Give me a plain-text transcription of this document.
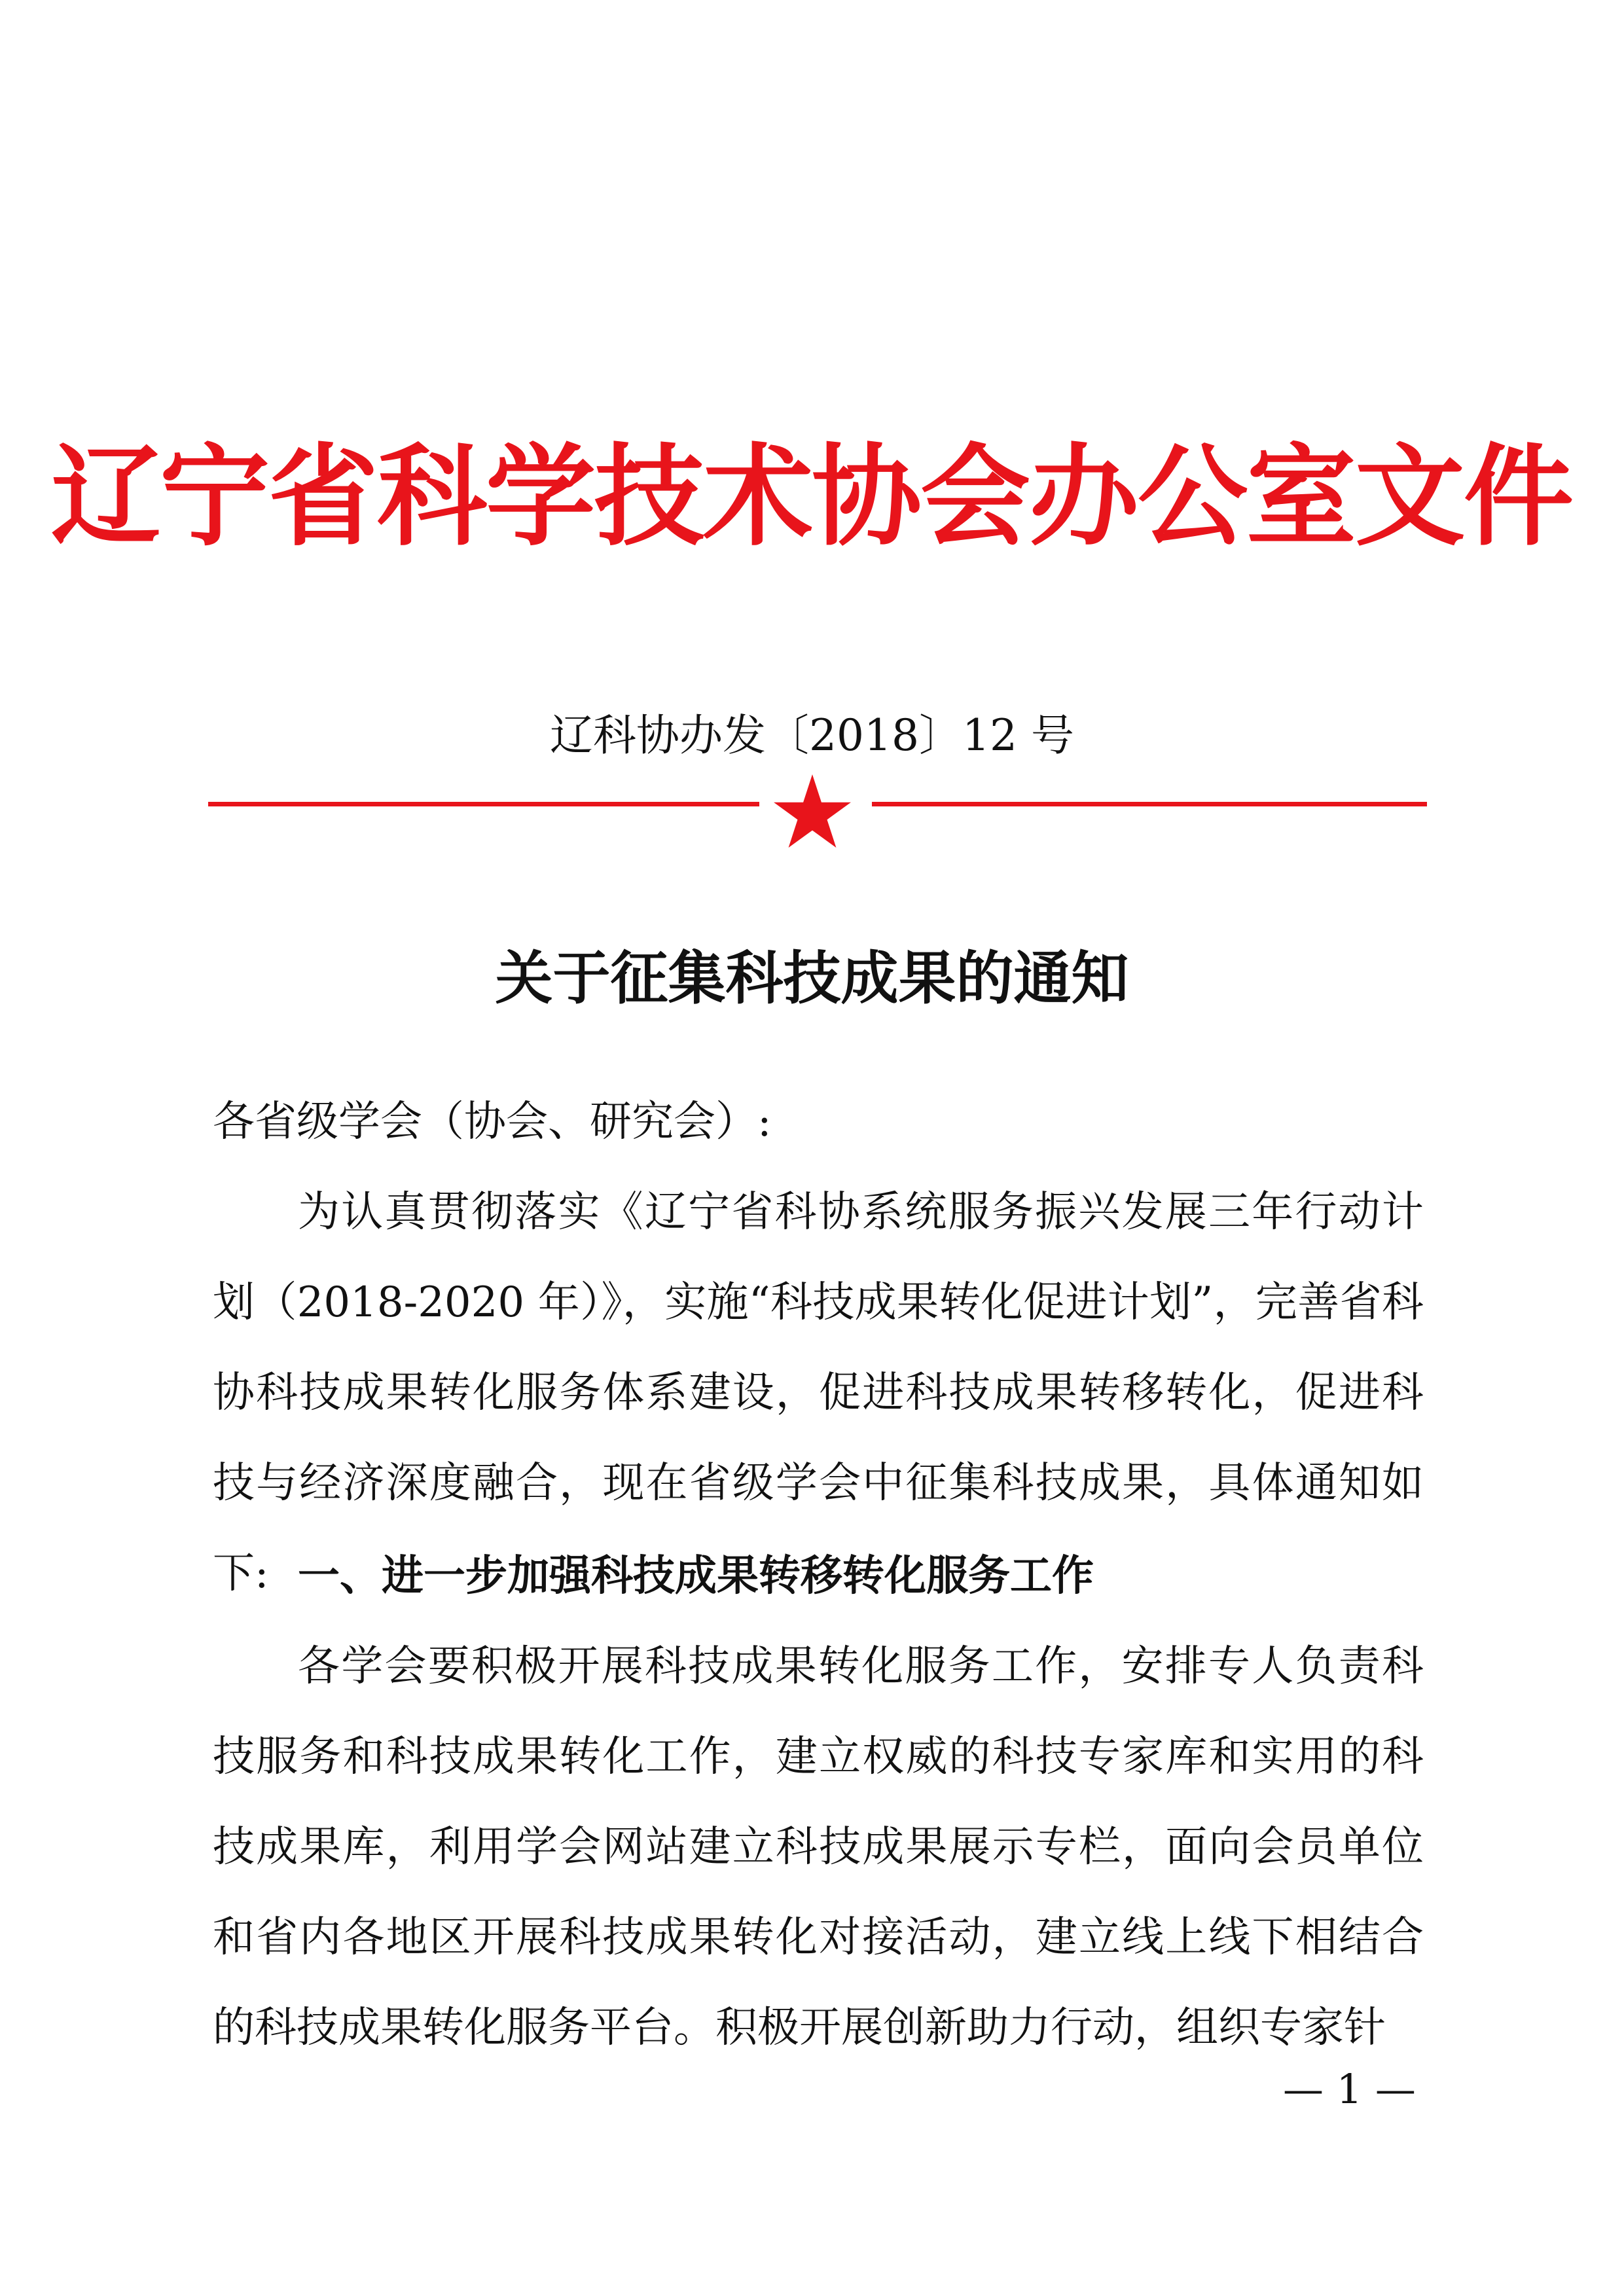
辽宁省科学技术协会办公室文件
辽科协办发〔2018〕12 号
关于征集科技成果的通知
各省级学会（协会、研究会）:
为认真贯彻落实《辽宁省科协系统服务振兴发展三年行动计划（2018-2020 年）》，实施“科技成果转化促进计划”，完善省科协科技成果转化服务体系建设，促进科技成果转移转化，促进科技与经济深度融合，现在省级学会中征集科技成果，具体通知如下: 一、进一步加强科技成果转移转化服务工作
各学会要积极开展科技成果转化服务工作，安排专人负责科技服务和科技成果转化工作，建立权威的科技专家库和实用的科技成果库，利用学会网站建立科技成果展示专栏，面向会员单位和省内各地区开展科技成果转化对接活动，建立线上线下相结合的科技成果转化服务平台。积极开展创新助力行动，组织专家针
— 1 —
